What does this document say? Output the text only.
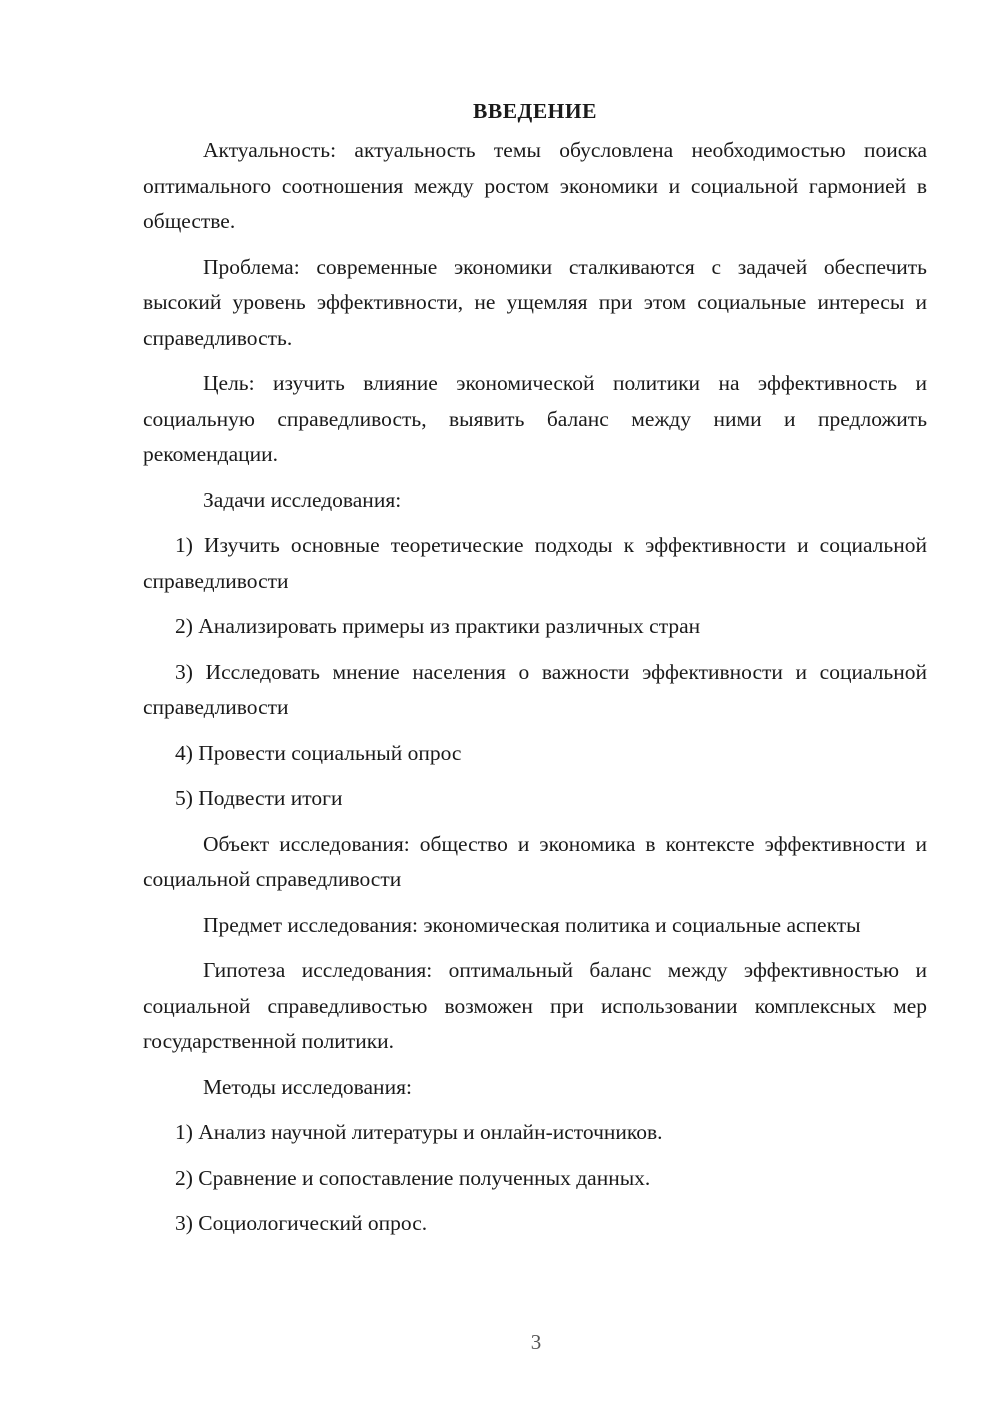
ВВЕДЕНИЕ

Актуальность: актуальность темы обусловлена необходимостью поиска оптимального соотношения между ростом экономики и социальной гармонией в обществе.

Проблема: современные экономики сталкиваются с задачей обеспечить высокий уровень эффективности, не ущемляя при этом социальные интересы и справедливость.

Цель: изучить влияние экономической политики на эффективность и социальную справедливость, выявить баланс между ними и предложить рекомендации.

Задачи исследования:

1) Изучить основные теоретические подходы к эффективности и социальной справедливости

2) Анализировать примеры из практики различных стран

3) Исследовать мнение населения о важности эффективности и социальной справедливости

4) Провести социальный опрос

5) Подвести итоги

Объект исследования: общество и экономика в контексте эффективности и социальной справедливости

Предмет исследования: экономическая политика и социальные аспекты

Гипотеза исследования: оптимальный баланс между эффективностью и социальной справедливостью возможен при использовании комплексных мер государственной политики.

Методы исследования:

1) Анализ научной литературы и онлайн-источников.

2) Сравнение и сопоставление полученных данных.

3) Социологический опрос.

3
